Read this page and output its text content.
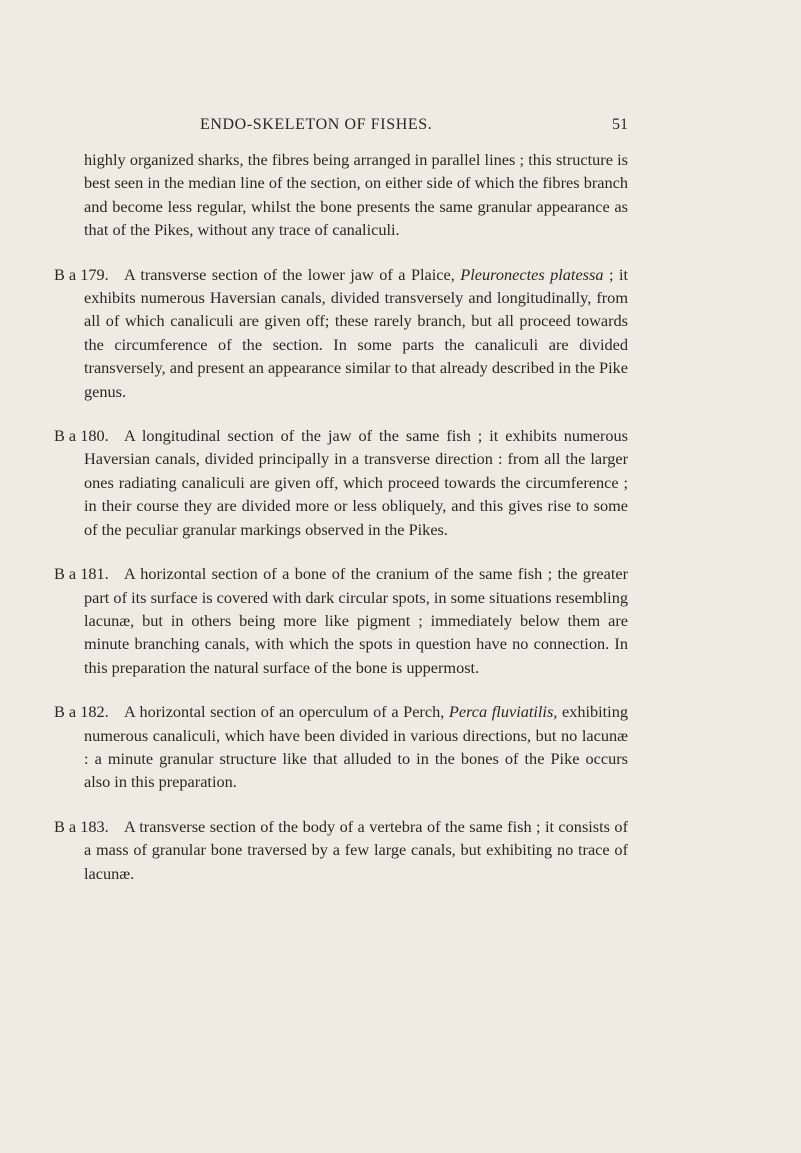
ENDO-SKELETON OF FISHES.	51

highly organized sharks, the fibres being arranged in parallel lines ; this structure is best seen in the median line of the section, on either side of which the fibres branch and become less regular, whilst the bone presents the same granular appearance as that of the Pikes, without any trace of canaliculi.

B a 179. A transverse section of the lower jaw of a Plaice, Pleuronectes platessa ; it exhibits numerous Haversian canals, divided transversely and longitudinally, from all of which canaliculi are given off; these rarely branch, but all proceed towards the circumference of the section. In some parts the canaliculi are divided transversely, and present an appearance similar to that already described in the Pike genus.

B a 180. A longitudinal section of the jaw of the same fish ; it exhibits numerous Haversian canals, divided principally in a transverse direction : from all the larger ones radiating canaliculi are given off, which proceed towards the circumference ; in their course they are divided more or less obliquely, and this gives rise to some of the peculiar granular markings observed in the Pikes.

B a 181. A horizontal section of a bone of the cranium of the same fish ; the greater part of its surface is covered with dark circular spots, in some situations resembling lacunæ, but in others being more like pigment ; immediately below them are minute branching canals, with which the spots in question have no connection. In this preparation the natural surface of the bone is uppermost.

B a 182. A horizontal section of an operculum of a Perch, Perca fluviatilis, exhibiting numerous canaliculi, which have been divided in various directions, but no lacunæ : a minute granular structure like that alluded to in the bones of the Pike occurs also in this preparation.

B a 183. A transverse section of the body of a vertebra of the same fish ; it consists of a mass of granular bone traversed by a few large canals, but exhibiting no trace of lacunæ.
